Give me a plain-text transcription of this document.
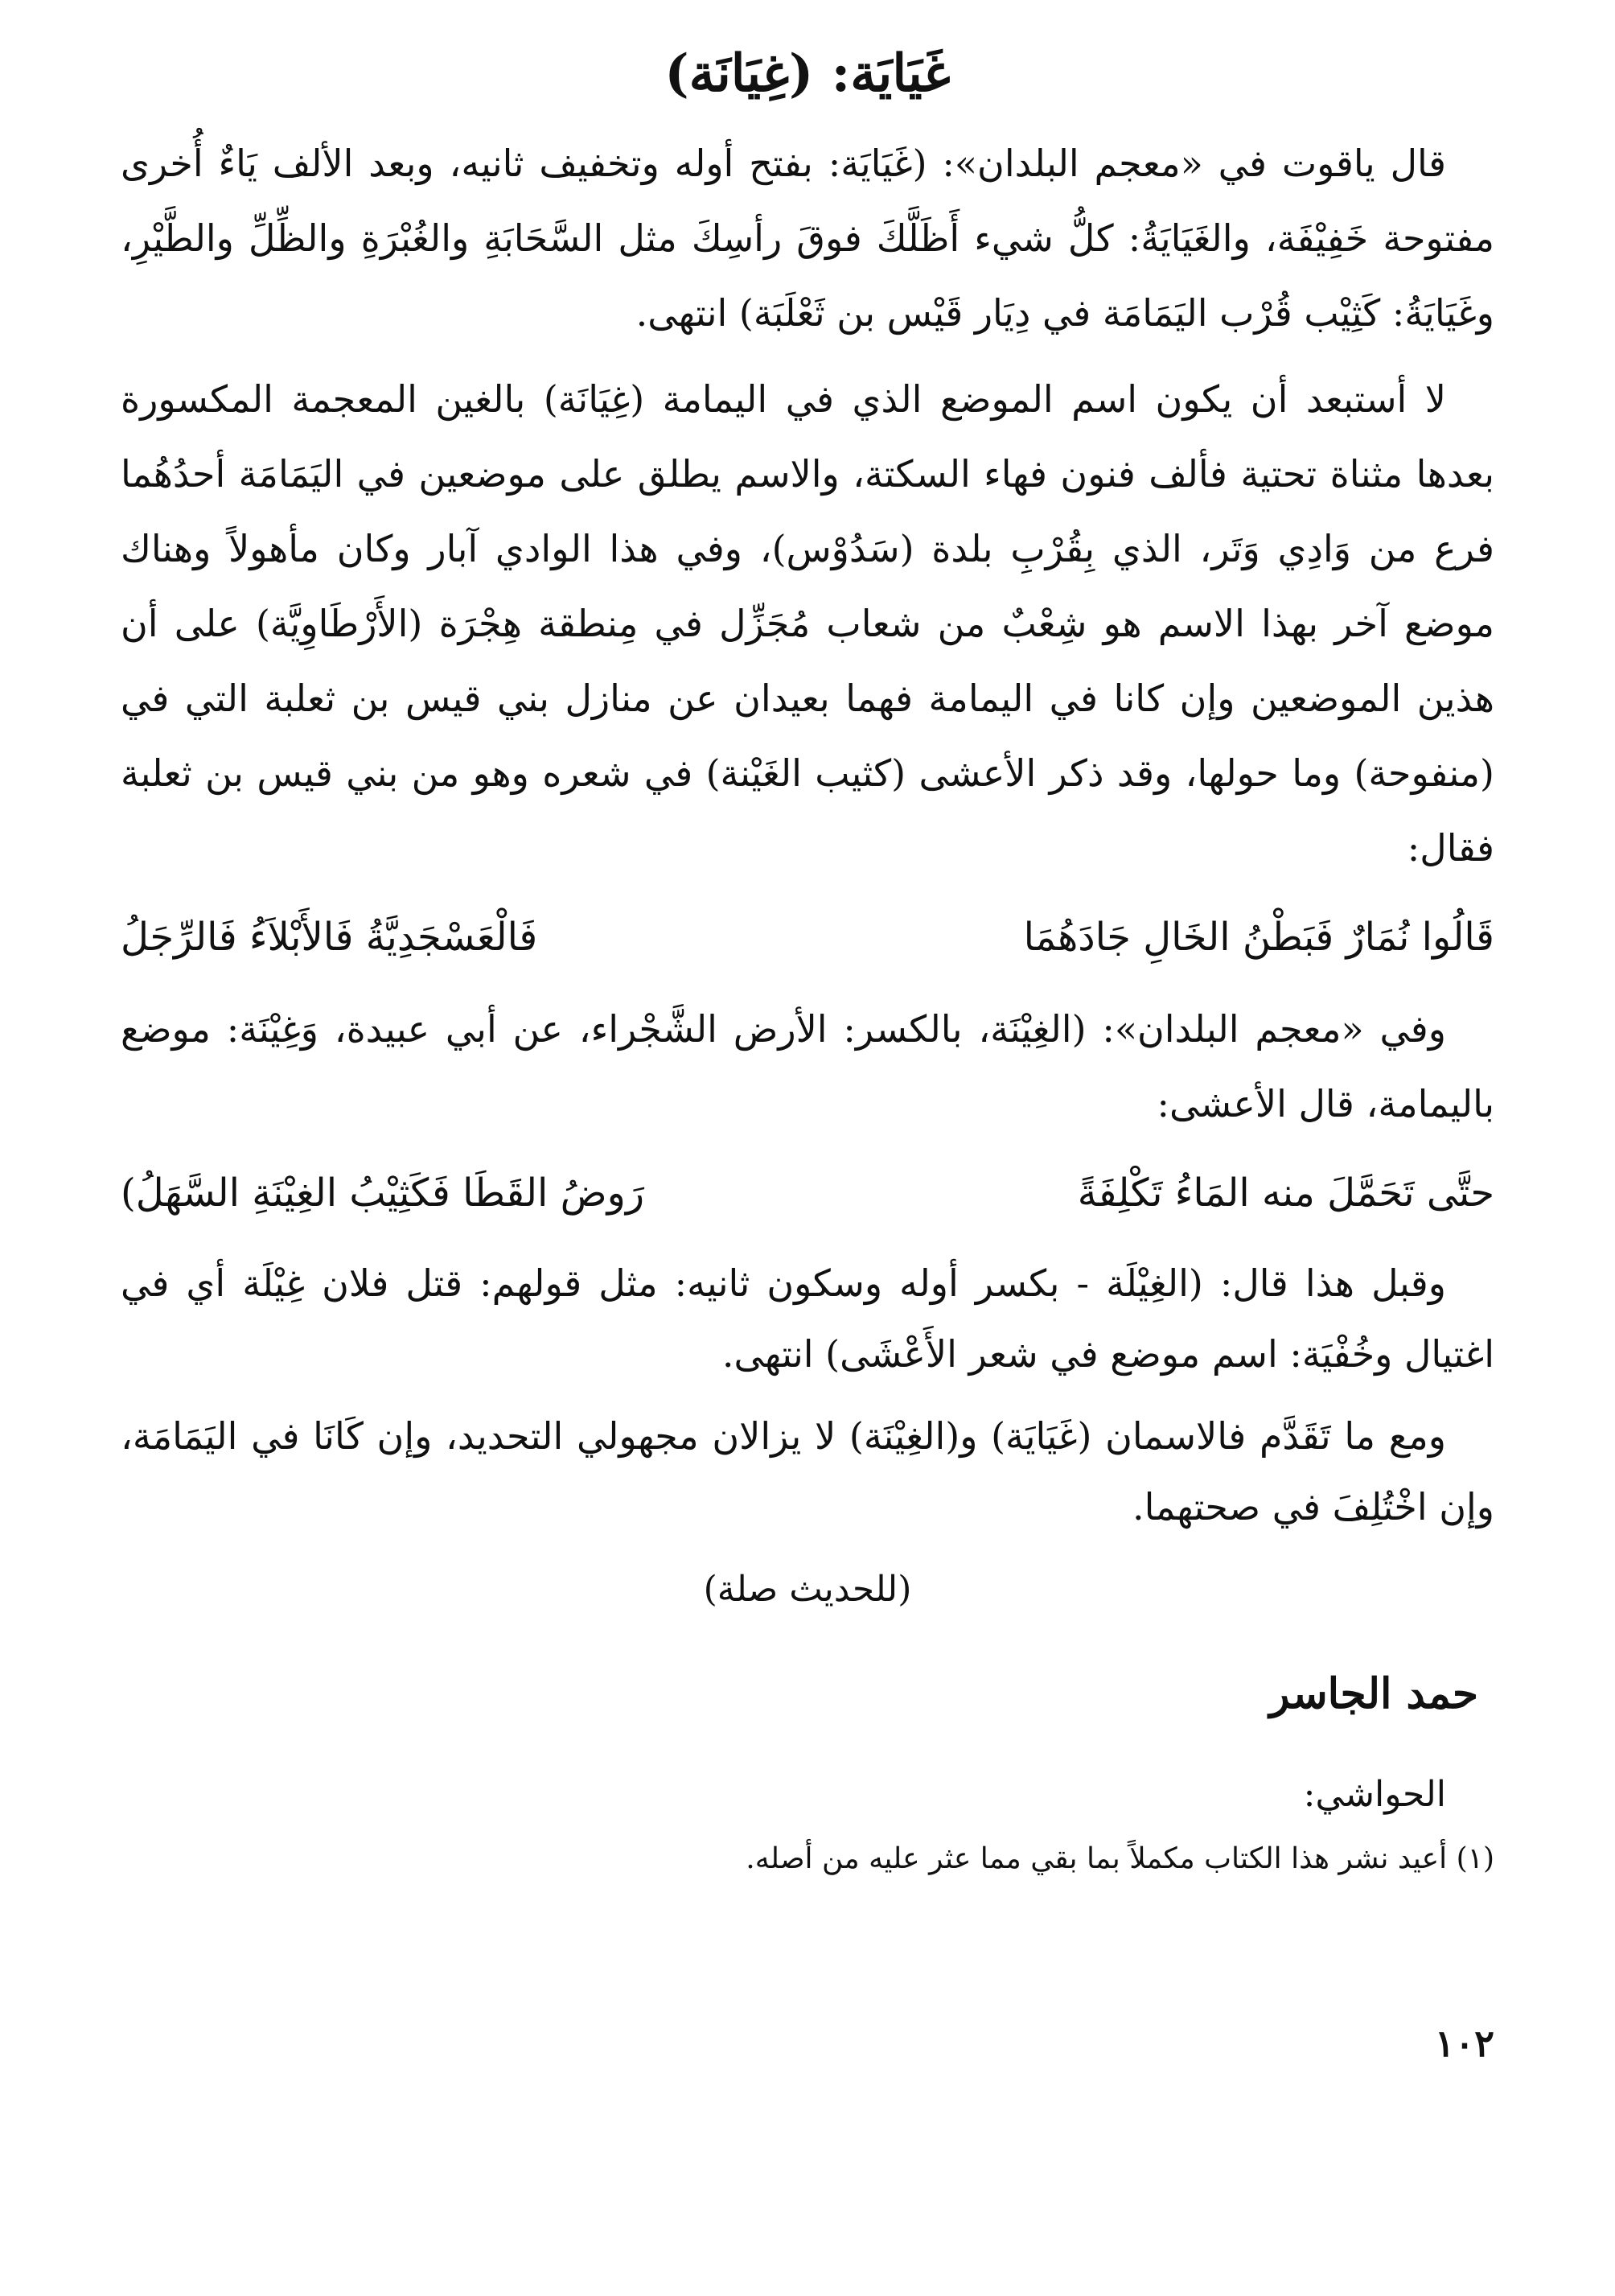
غَيَايَة: (غِيَانَة)

قال ياقوت في «معجم البلدان»: (غَيَايَة: بفتح أوله وتخفيف ثانيه، وبعد الألف يَاءٌ أُخرى مفتوحة خَفِيْفَة، والغَيَايَةُ: كلُّ شيء أَظَلَّكَ فوقَ رأسِكَ مثل السَّحَابَةِ والغُبْرَةِ والظِّلِّ والطَّيْرِ، وغَيَايَةُ: كَثِيْب قُرْب اليَمَامَة في دِيَار قَيْس بن ثَعْلَبَة) انتهى.

لا أستبعد أن يكون اسم الموضع الذي في اليمامة (غِيَانَة) بالغين المعجمة المكسورة بعدها مثناة تحتية فألف فنون فهاء السكتة، والاسم يطلق على موضعين في اليَمَامَة أحدُهُما فرع من وَادِي وَتَر، الذي بِقُرْبِ بلدة (سَدُوْس)، وفي هذا الوادي آبار وكان مأهولاً وهناك موضع آخر بهذا الاسم هو شِعْبٌ من شعاب مُجَزِّل في مِنطقة هِجْرَة (الأَرْطَاوِيَّة) على أن هذين الموضعين وإن كانا في اليمامة فهما بعيدان عن منازل بني قيس بن ثعلبة التي في (منفوحة) وما حولها، وقد ذكر الأعشى (كثيب الغَيْنة) في شعره وهو من بني قيس بن ثعلبة فقال:

قَالُوا نُمَارٌ فَبَطْنُ الخَالِ جَادَهُمَا
فَالْعَسْجَدِيَّةُ فَالأَبْلاَءُ فَالرِّجَلُ

وفي «معجم البلدان»: (الغِيْنَة، بالكسر: الأرض الشَّجْراء، عن أبي عبيدة، وَغِيْنَة: موضع باليمامة، قال الأعشى:

حتَّى تَحَمَّلَ منه المَاءُ تَكْلِفَةً
رَوضُ القَطَا فَكَثِيْبُ الغِيْنَةِ السَّهَلُ)

وقبل هذا قال: (الغِيْلَة - بكسر أوله وسكون ثانيه: مثل قولهم: قتل فلان غِيْلَة أي في اغتيال وخُفْيَة: اسم موضع في شعر الأَعْشَى) انتهى.

ومع ما تَقَدَّم فالاسمان (غَيَايَة) و(الغِيْنَة) لا يزالان مجهولي التحديد، وإن كَانَا في اليَمَامَة، وإن اخْتُلِفَ في صحتهما.

(للحديث صلة)
حمد الجاسر
الحواشي:
(١) أعيد نشر هذا الكتاب مكملاً بما بقي مما عثر عليه من أصله.
١٠٢
